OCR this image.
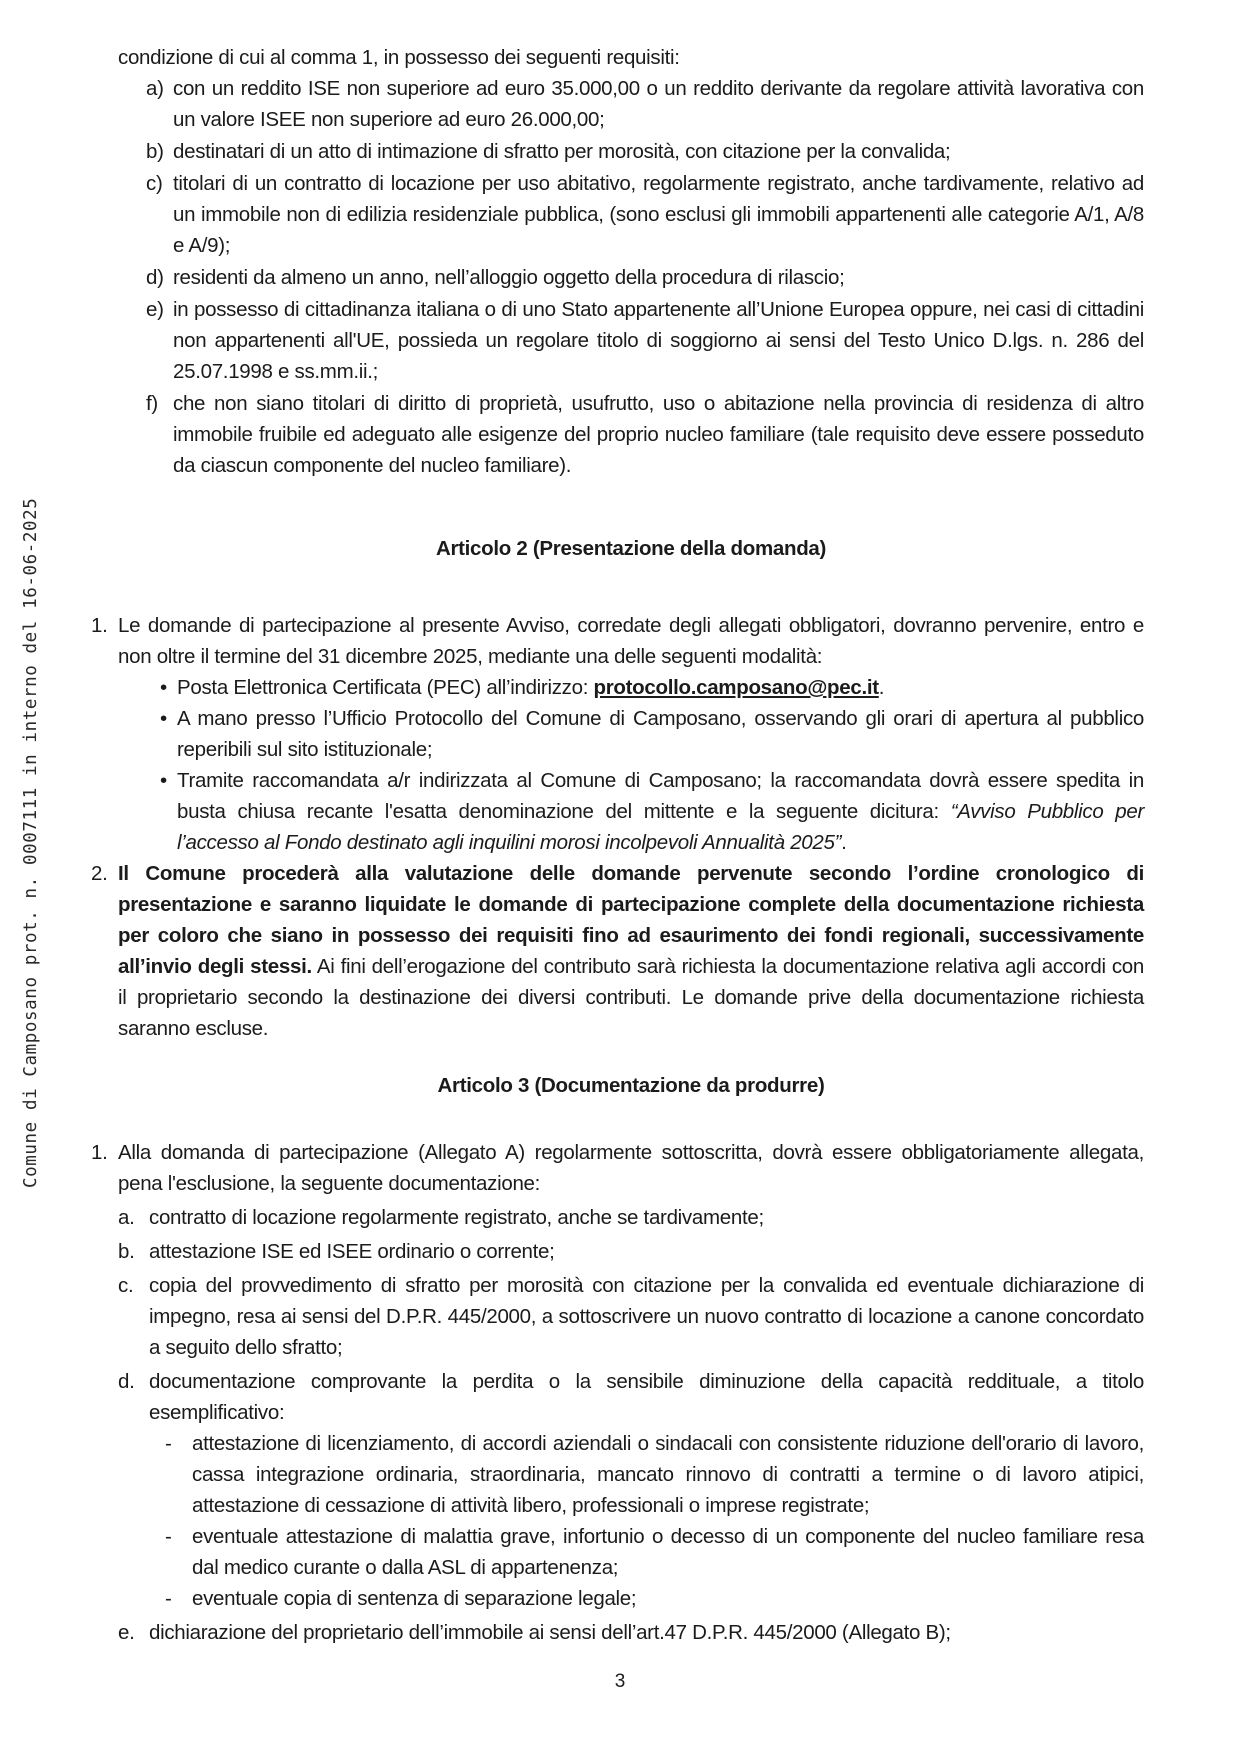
Comune di Camposano prot. n. 0007111 in interno del 16-06-2025

condizione di cui al comma 1, in possesso dei seguenti requisiti:

a) con un reddito ISE non superiore ad euro 35.000,00 o un reddito derivante da regolare attività lavorativa con un valore ISEE non superiore ad euro 26.000,00;
b) destinatari di un atto di intimazione di sfratto per morosità, con citazione per la convalida;
c) titolari di un contratto di locazione per uso abitativo, regolarmente registrato, anche tardivamente, relativo ad un immobile non di edilizia residenziale pubblica, (sono esclusi gli immobili appartenenti alle categorie A/1, A/8 e A/9);
d) residenti da almeno un anno, nell’alloggio oggetto della procedura di rilascio;
e) in possesso di cittadinanza italiana o di uno Stato appartenente all’Unione Europea oppure, nei casi di cittadini non appartenenti all'UE, possieda un regolare titolo di soggiorno ai sensi del Testo Unico D.lgs. n. 286 del 25.07.1998 e ss.mm.ii.;
f) che non siano titolari di diritto di proprietà, usufrutto, uso o abitazione nella provincia di residenza di altro immobile fruibile ed adeguato alle esigenze del proprio nucleo familiare (tale requisito deve essere posseduto da ciascun componente del nucleo familiare).

Articolo 2 (Presentazione della domanda)

1. Le domande di partecipazione al presente Avviso, corredate degli allegati obbligatori, dovranno pervenire, entro e non oltre il termine del 31 dicembre 2025, mediante una delle seguenti modalità:

• Posta Elettronica Certificata (PEC) all’indirizzo: protocollo.camposano@pec.it.
• A mano presso l’Ufficio Protocollo del Comune di Camposano, osservando gli orari di apertura al pubblico reperibili sul sito istituzionale;
• Tramite raccomandata a/r indirizzata al Comune di Camposano; la raccomandata dovrà essere spedita in busta chiusa recante l'esatta denominazione del mittente e la seguente dicitura: “Avviso Pubblico per l’accesso al Fondo destinato agli inquilini morosi incolpevoli Annualità 2025”.
2. Il Comune procederà alla valutazione delle domande pervenute secondo l’ordine cronologico di presentazione e saranno liquidate le domande di partecipazione complete della documentazione richiesta per coloro che siano in possesso dei requisiti fino ad esaurimento dei fondi regionali, successivamente all’invio degli stessi. Ai fini dell’erogazione del contributo sarà richiesta la documentazione relativa agli accordi con il proprietario secondo la destinazione dei diversi contributi. Le domande prive della documentazione richiesta saranno escluse.

Articolo 3 (Documentazione da produrre)

1. Alla domanda di partecipazione (Allegato A) regolarmente sottoscritta, dovrà essere obbligatoriamente allegata, pena l'esclusione, la seguente documentazione:

a. contratto di locazione regolarmente registrato, anche se tardivamente;
b. attestazione ISE ed ISEE ordinario o corrente;
c. copia del provvedimento di sfratto per morosità con citazione per la convalida ed eventuale dichiarazione di impegno, resa ai sensi del D.P.R. 445/2000, a sottoscrivere un nuovo contratto di locazione a canone concordato a seguito dello sfratto;
d. documentazione comprovante la perdita o la sensibile diminuzione della capacità reddituale, a titolo esemplificativo:
- attestazione di licenziamento, di accordi aziendali o sindacali con consistente riduzione dell'orario di lavoro, cassa integrazione ordinaria, straordinaria, mancato rinnovo di contratti a termine o di lavoro atipici, attestazione di cessazione di attività libero, professionali o imprese registrate;
- eventuale attestazione di malattia grave, infortunio o decesso di un componente del nucleo familiare resa dal medico curante o dalla ASL di appartenenza;
- eventuale copia di sentenza di separazione legale;
e. dichiarazione del proprietario dell’immobile ai sensi dell’art.47 D.P.R. 445/2000 (Allegato B);
3
